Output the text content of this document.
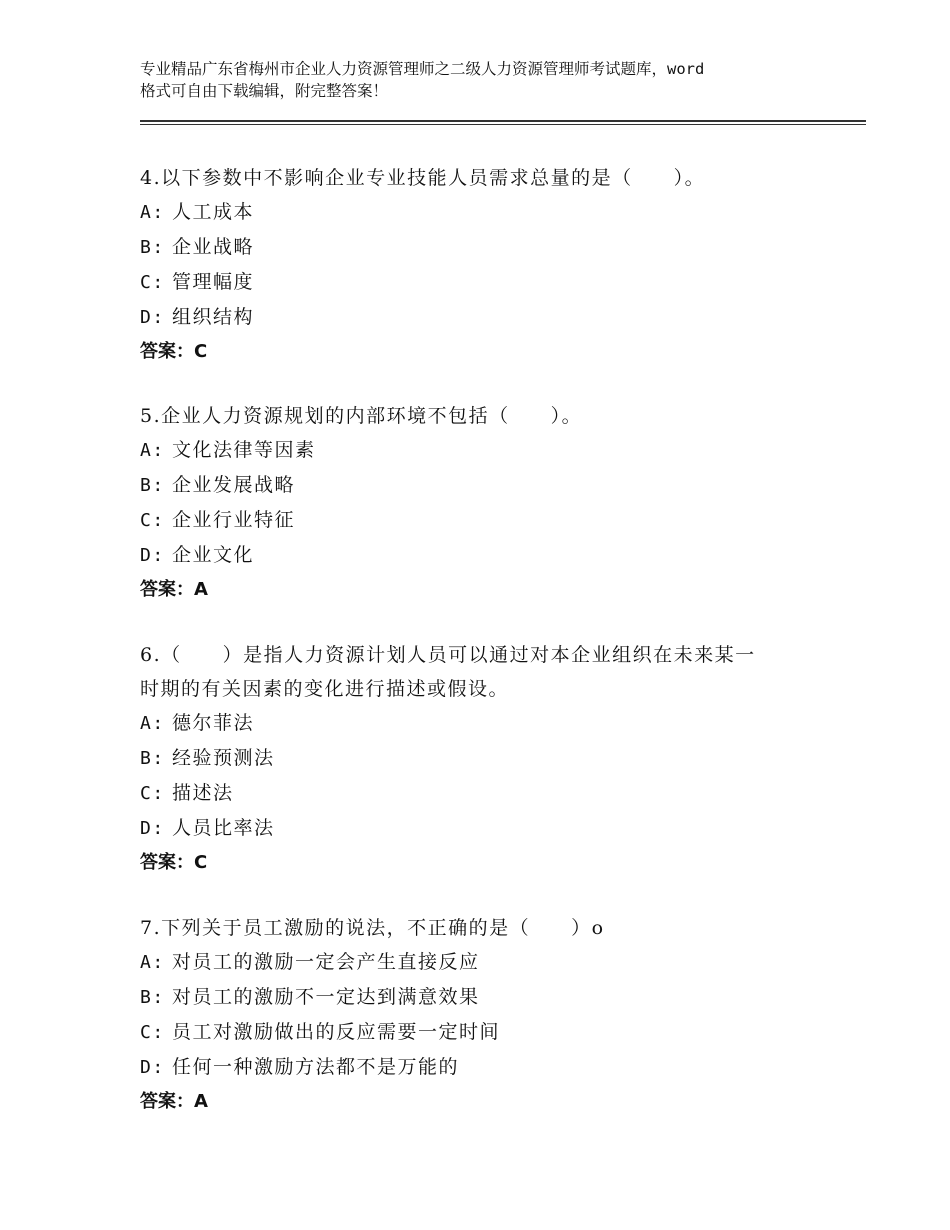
专业精品广东省梅州市企业人力资源管理师之二级人力资源管理师考试题库，word
格式可自由下载编辑，附完整答案！

4.以下参数中不影响企业专业技能人员需求总量的是（　　）。

A: 人工成本

B: 企业战略

C: 管理幅度

D: 组织结构

答案：C

5.企业人力资源规划的内部环境不包括（　　）。

A: 文化法律等因素

B: 企业发展战略

C: 企业行业特征

D: 企业文化

答案：A

6.（　　）是指人力资源计划人员可以通过对本企业组织在未来某一

时期的有关因素的变化进行描述或假设。

A: 德尔菲法

B: 经验预测法

C: 描述法

D: 人员比率法

答案：C

7.下列关于员工激励的说法，不正确的是（　　）o

A: 对员工的激励一定会产生直接反应

B: 对员工的激励不一定达到满意效果

C: 员工对激励做出的反应需要一定时间

D: 任何一种激励方法都不是万能的

答案：A
